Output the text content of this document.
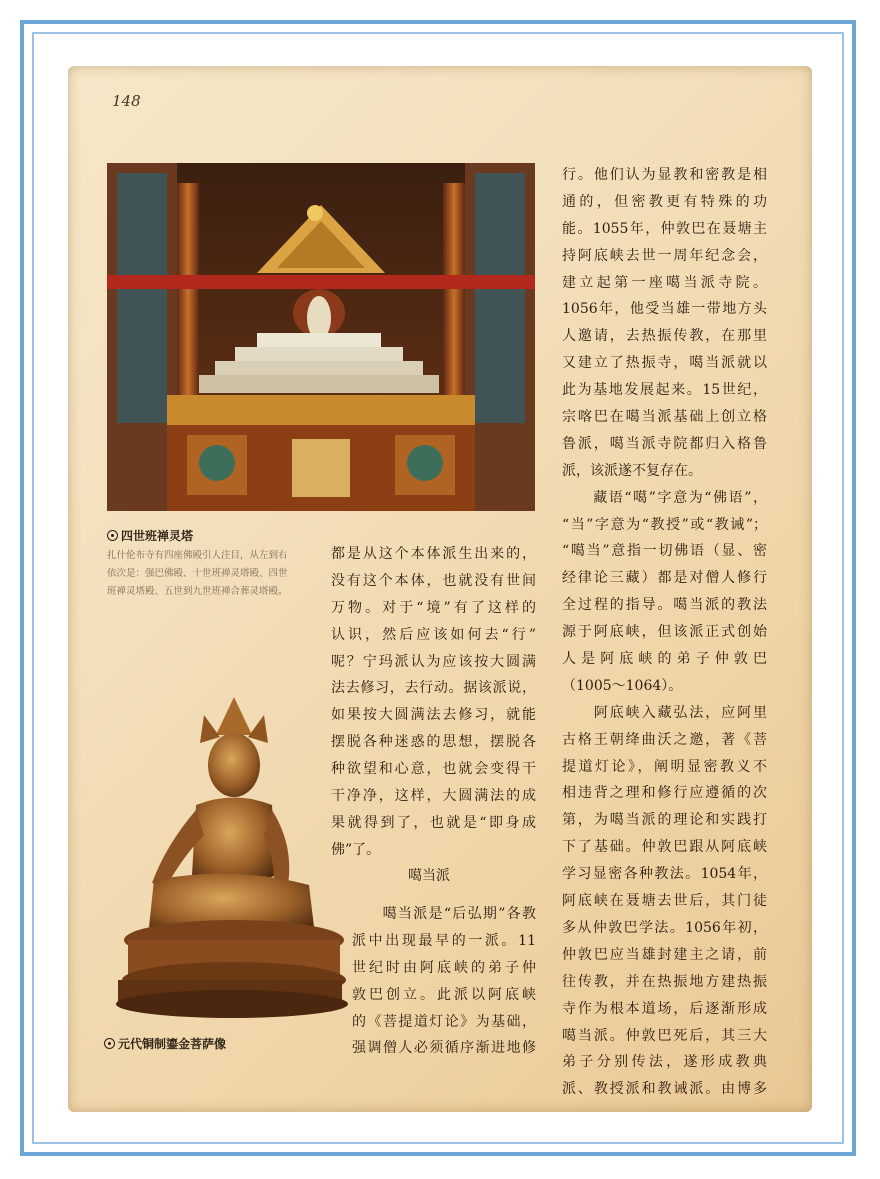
148
四世班禅灵塔
扎什伦布寺有四座佛殿引人注目，从左到右
依次是：强巴佛殿、十世班禅灵塔殿、四世
班禅灵塔殿、五世到九世班禅合葬灵塔殿。
元代铜制鎏金菩萨像
行。他们认为显教和密教是相
通的，但密教更有特殊的功
能。1055年，仲敦巴在聂塘主
持阿底峡去世一周年纪念会，
建立起第一座噶当派寺院。
1056年，他受当雄一带地方头
人邀请，去热振传教，在那里
又建立了热振寺，噶当派就以
此为基地发展起来。15世纪，
宗喀巴在噶当派基础上创立格
鲁派，噶当派寺院都归入格鲁
派，该派遂不复存在。
　　藏语“噶”字意为“佛语”，
“当”字意为“教授”或“教诫”；
“噶当”意指一切佛语（显、密
经律论三藏）都是对僧人修行
全过程的指导。噶当派的教法
源于阿底峡，但该派正式创始
人是阿底峡的弟子仲敦巴
（1005～1064）。
　　阿底峡入藏弘法，应阿里
古格王朝绛曲沃之邀，著《菩
提道灯论》，阐明显密教义不
相违背之理和修行应遵循的次
第，为噶当派的理论和实践打
下了基础。仲敦巴跟从阿底峡
学习显密各种教法。1054年，
阿底峡在聂塘去世后，其门徒
多从仲敦巴学法。1056年初，
仲敦巴应当雄封建主之请，前
往传教，并在热振地方建热振
寺作为根本道场，后逐渐形成
噶当派。仲敦巴死后，其三大
弟子分别传法，遂形成教典
派、教授派和教诫派。由博多
都是从这个本体派生出来的，
没有这个本体，也就没有世间
万物。对于“境”有了这样的
认识，然后应该如何去“行”
呢？宁玛派认为应该按大圆满
法去修习，去行动。据该派说，
如果按大圆满法去修习，就能
摆脱各种迷惑的思想，摆脱各
种欲望和心意，也就会变得干
干净净，这样，大圆满法的成
果就得到了，也就是“即身成
佛”了。
噶当派
　　噶当派是“后弘期”各教
派中出现最早的一派。11
世纪时由阿底峡的弟子仲
敦巴创立。此派以阿底峡
的《菩提道灯论》为基础，
强调僧人必须循序渐进地修
